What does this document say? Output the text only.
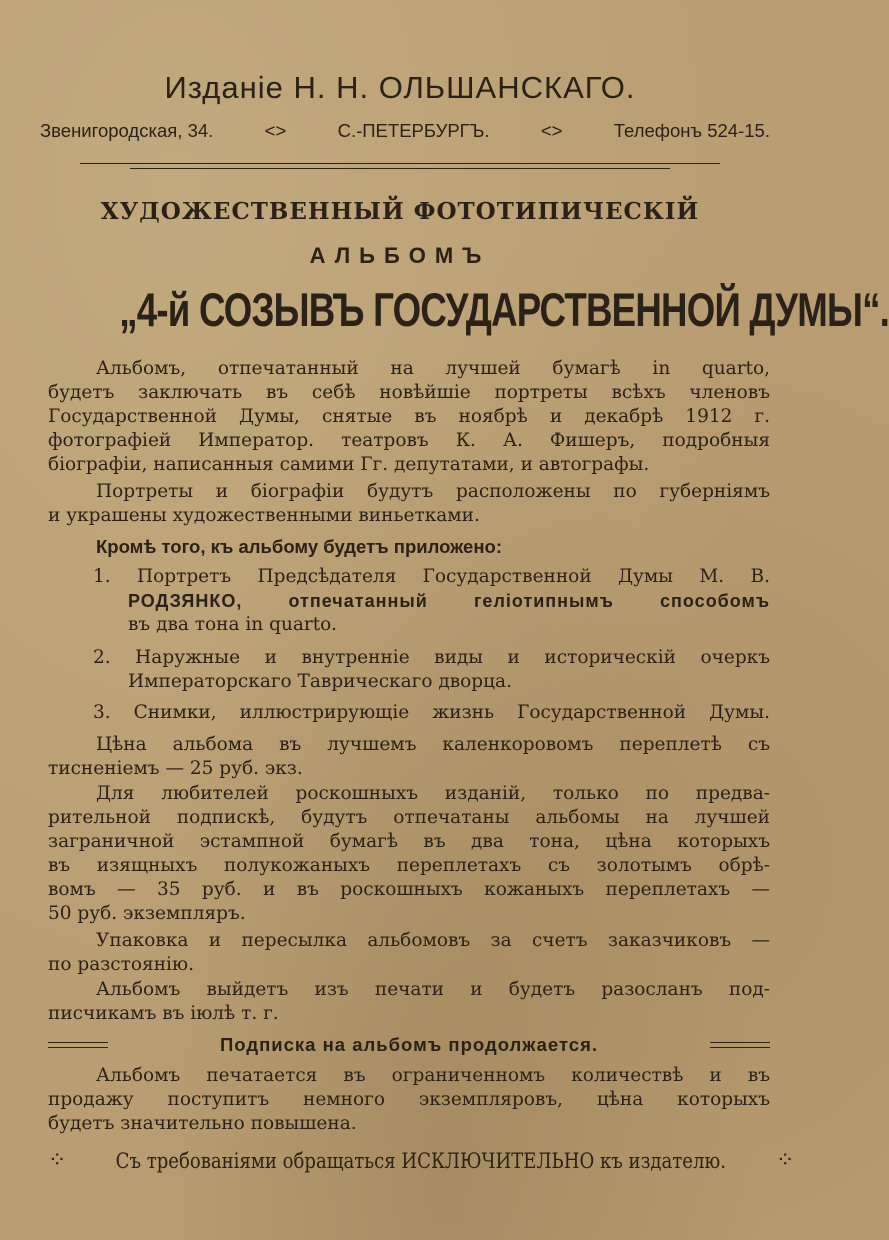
Изданіе Н. Н. ОЛЬШАНСКАГО.
Звенигородская, 34.	<>	С.-ПЕТЕРБУРГЪ.	<>	Телефонъ 524-15.
ХУДОЖЕСТВЕННЫЙ ФОТОТИПИЧЕСКІЙ
АЛЬБОМЪ
„4-й СОЗЫВЪ ГОСУДАРСТВЕННОЙ ДУМЫ“.
Альбомъ, отпечатанный на лучшей бумагѣ in quarto,
будетъ заключать въ себѣ новѣйшіе портреты всѣхъ членовъ
Государственной Думы, снятые въ ноябрѣ и декабрѣ 1912 г.
фотографіей Император. театровъ К. А. Фишеръ, подробныя
біографіи, написанныя самими Гг. депутатами, и автографы.
Портреты и біографіи будутъ расположены по губерніямъ
и украшены художественными виньетками.
Кромѣ того, къ альбому будетъ приложено:
1. Портретъ Предсѣдателя Государственной Думы М. В.
РОДЗЯНКО, отпечатанный геліотипнымъ способомъ
въ два тона in quarto.
2. Наружные и внутренніе виды и историческій очеркъ
Императорскаго Таврическаго дворца.
3. Снимки, иллюстрирующіе жизнь Государственной Думы.
Цѣна альбома въ лучшемъ каленкоровомъ переплетѣ съ
тисненіемъ — 25 руб. экз.
Для любителей роскошныхъ изданій, только по предва-
рительной подпискѣ, будутъ отпечатаны альбомы на лучшей
заграничной эстампной бумагѣ въ два тона, цѣна которыхъ
въ изящныхъ полукожаныхъ переплетахъ съ золотымъ обрѣ-
вомъ — 35 руб. и въ роскошныхъ кожаныхъ переплетахъ —
50 руб. экземпляръ.
Упаковка и пересылка альбомовъ за счетъ заказчиковъ —
по разстоянію.
Альбомъ выйдетъ изъ печати и будетъ разосланъ под-
писчикамъ въ іюлѣ т. г.
Подписка на альбомъ продолжается.
Альбомъ печатается въ ограниченномъ количествѣ и въ
продажу поступитъ немного экземпляровъ, цѣна которыхъ
будетъ значительно повышена.
⁘ Съ требованіями обращаться ИСКЛЮЧИТЕЛЬНО къ издателю. ⁘
